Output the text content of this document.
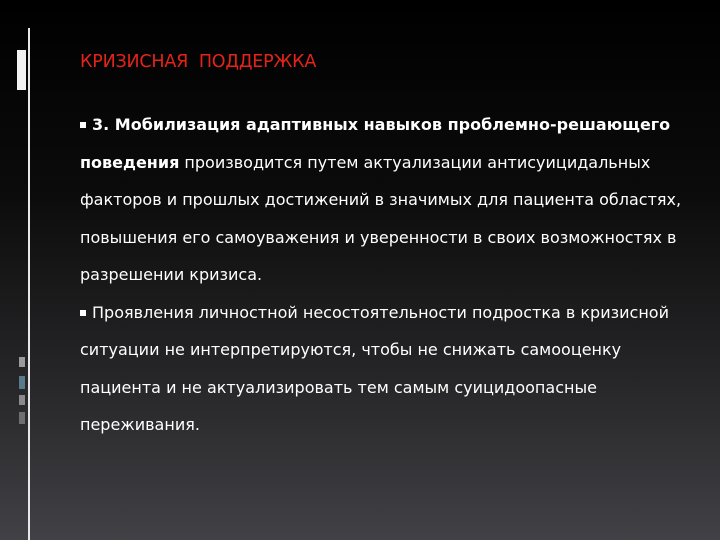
КРИЗИСНАЯ  ПОДДЕРЖКА

3. Мобилизация адаптивных навыков проблемно-решающего поведения производится путем актуализации антисуицидальных факторов и прошлых достижений в значимых для пациента областях, повышения его самоуважения и уверенности в своих возможностях в разрешении кризиса.

Проявления личностной несостоятельности подростка в кризисной ситуации не интерпретируются, чтобы не снижать самооценку пациента и не актуализировать тем самым суицидоопасные переживания.
